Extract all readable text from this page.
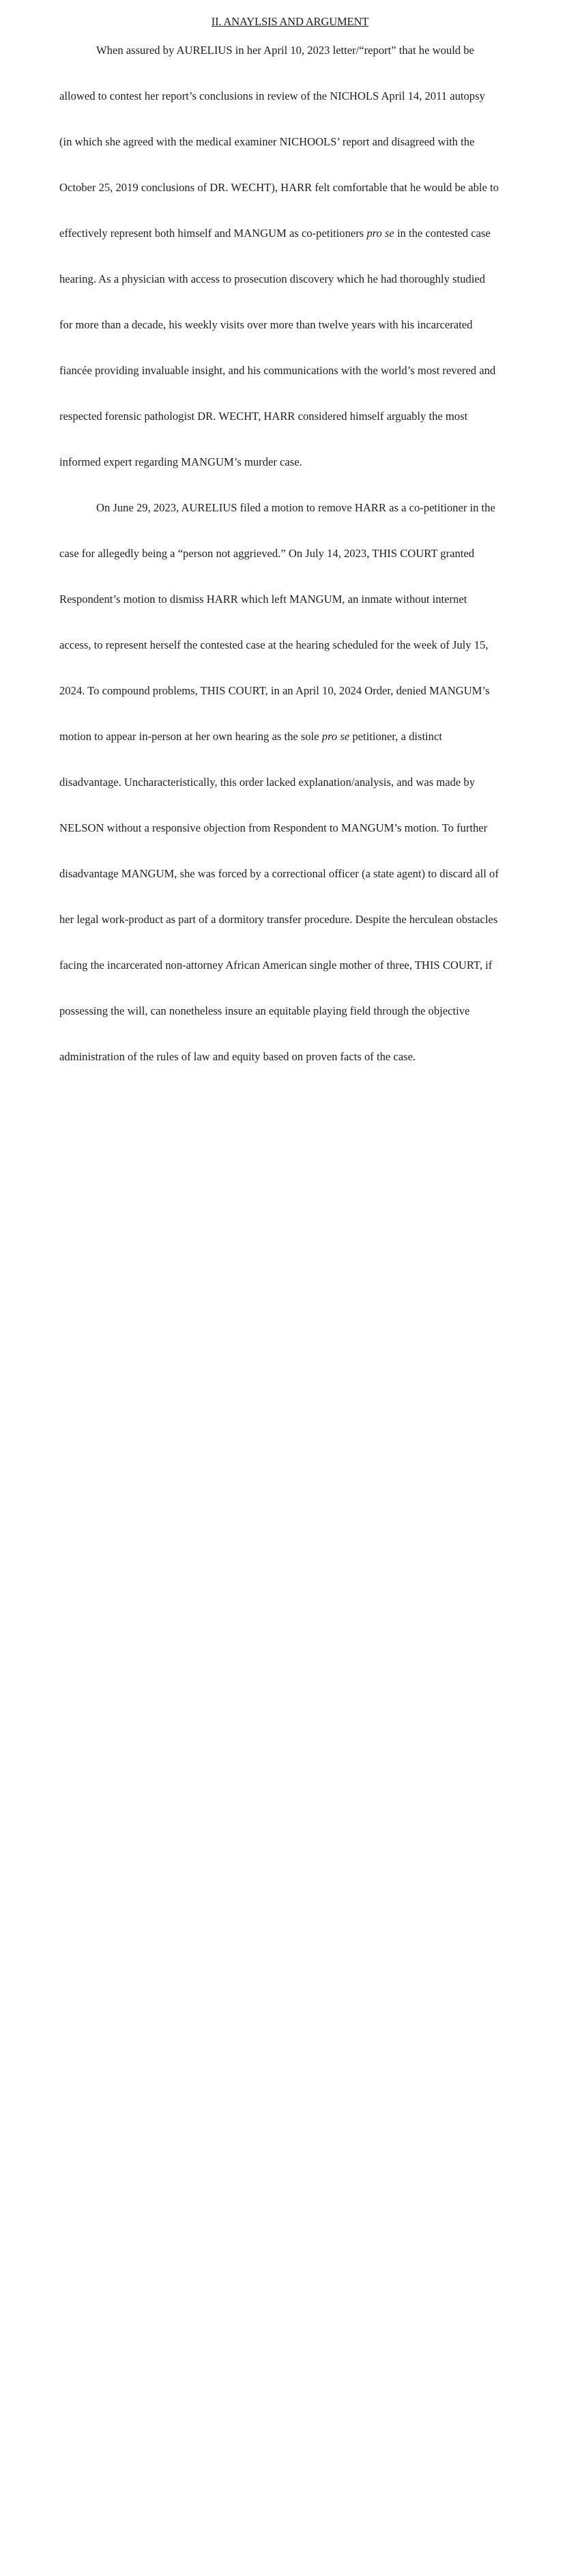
II. ANAYLSIS AND ARGUMENT
When assured by AURELIUS in her April 10, 2023 letter/“report” that he would be
allowed to contest her report’s conclusions in review of the NICHOLS April 14, 2011 autopsy
(in which she agreed with the medical examiner NICHOOLS’ report and disagreed with the
October 25, 2019 conclusions of DR. WECHT), HARR felt comfortable that he would be able to
effectively represent both himself and MANGUM as co-petitioners pro se in the contested case
hearing. As a physician with access to prosecution discovery which he had thoroughly studied
for more than a decade, his weekly visits over more than twelve years with his incarcerated
fiancée providing invaluable insight, and his communications with the world’s most revered and
respected forensic pathologist DR. WECHT, HARR considered himself arguably the most
informed expert regarding MANGUM’s murder case.
On June 29, 2023, AURELIUS filed a motion to remove HARR as a co-petitioner in the
case for allegedly being a “person not aggrieved.” On July 14, 2023, THIS COURT granted
Respondent’s motion to dismiss HARR which left MANGUM, an inmate without internet
access, to represent herself the contested case at the hearing scheduled for the week of July 15,
2024. To compound problems, THIS COURT, in an April 10, 2024 Order, denied MANGUM’s
motion to appear in-person at her own hearing as the sole pro se petitioner, a distinct
disadvantage. Uncharacteristically, this order lacked explanation/analysis, and was made by
NELSON without a responsive objection from Respondent to MANGUM’s motion. To further
disadvantage MANGUM, she was forced by a correctional officer (a state agent) to discard all of
her legal work-product as part of a dormitory transfer procedure. Despite the herculean obstacles
facing the incarcerated non-attorney African American single mother of three, THIS COURT, if
possessing the will, can nonetheless insure an equitable playing field through the objective
administration of the rules of law and equity based on proven facts of the case.
